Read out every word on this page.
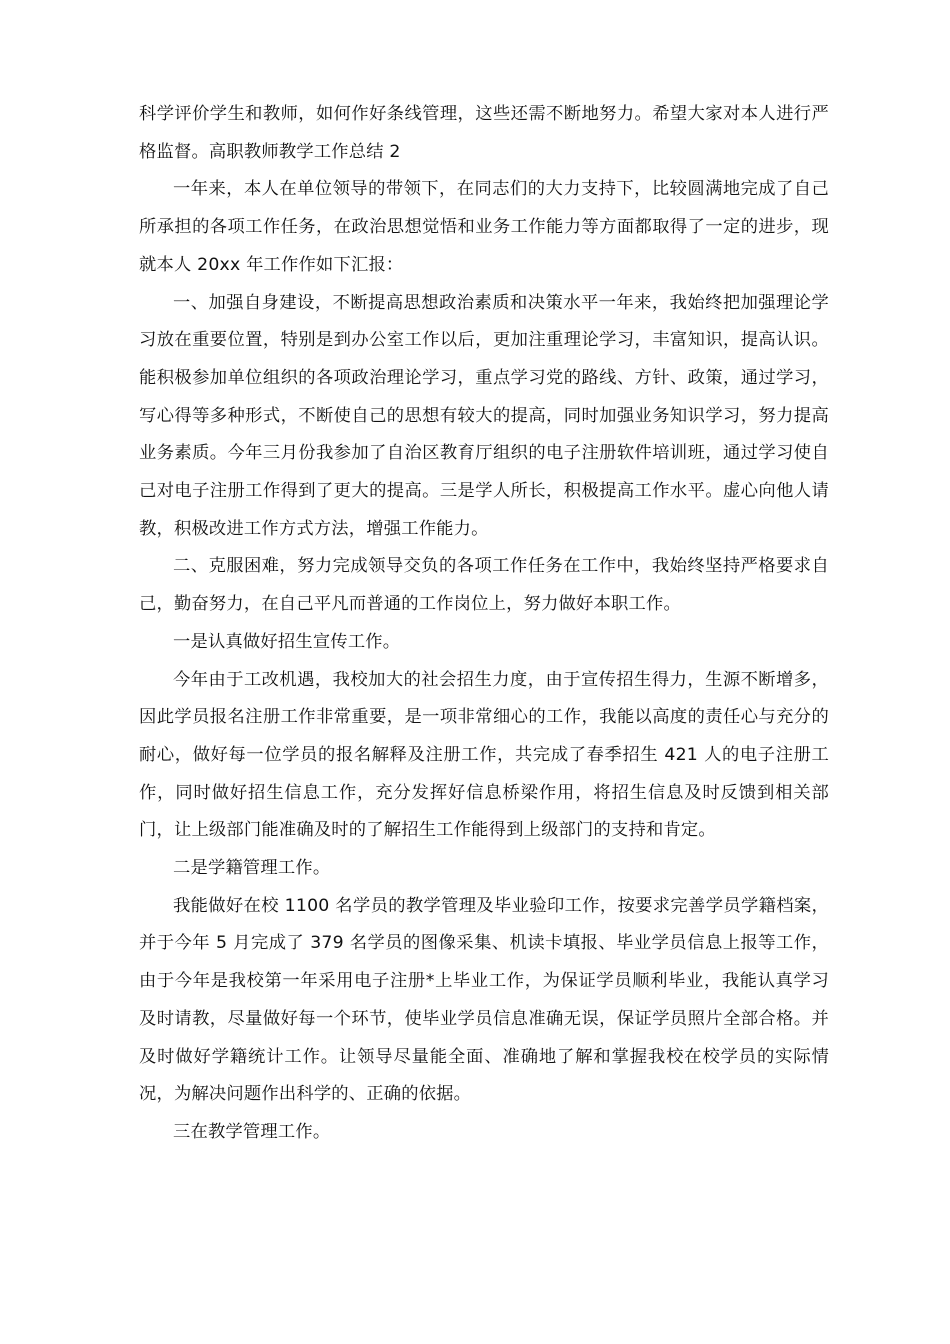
科学评价学生和教师，如何作好条线管理，这些还需不断地努力。希望大家对本人进行严格监督。高职教师教学工作总结 2

一年来，本人在单位领导的带领下，在同志们的大力支持下，比较圆满地完成了自己所承担的各项工作任务，在政治思想觉悟和业务工作能力等方面都取得了一定的进步，现就本人 20xx 年工作作如下汇报：

一、加强自身建设，不断提高思想政治素质和决策水平一年来，我始终把加强理论学习放在重要位置，特别是到办公室工作以后，更加注重理论学习，丰富知识，提高认识。能积极参加单位组织的各项政治理论学习，重点学习党的路线、方针、政策，通过学习，写心得等多种形式，不断使自己的思想有较大的提高，同时加强业务知识学习，努力提高业务素质。今年三月份我参加了自治区教育厅组织的电子注册软件培训班，通过学习使自己对电子注册工作得到了更大的提高。三是学人所长，积极提高工作水平。虚心向他人请教，积极改进工作方式方法，增强工作能力。

二、克服困难，努力完成领导交负的各项工作任务在工作中，我始终坚持严格要求自己，勤奋努力，在自己平凡而普通的工作岗位上，努力做好本职工作。

一是认真做好招生宣传工作。

今年由于工改机遇，我校加大的社会招生力度，由于宣传招生得力，生源不断增多，因此学员报名注册工作非常重要，是一项非常细心的工作，我能以高度的责任心与充分的耐心，做好每一位学员的报名解释及注册工作，共完成了春季招生 421 人的电子注册工作，同时做好招生信息工作，充分发挥好信息桥梁作用，将招生信息及时反馈到相关部门，让上级部门能准确及时的了解招生工作能得到上级部门的支持和肯定。

二是学籍管理工作。

我能做好在校 1100 名学员的教学管理及毕业验印工作，按要求完善学员学籍档案，并于今年 5 月完成了 379 名学员的图像采集、机读卡填报、毕业学员信息上报等工作，由于今年是我校第一年采用电子注册*上毕业工作，为保证学员顺利毕业，我能认真学习及时请教，尽量做好每一个环节，使毕业学员信息准确无误，保证学员照片全部合格。并及时做好学籍统计工作。让领导尽量能全面、准确地了解和掌握我校在校学员的实际情况，为解决问题作出科学的、正确的依据。

三在教学管理工作。
